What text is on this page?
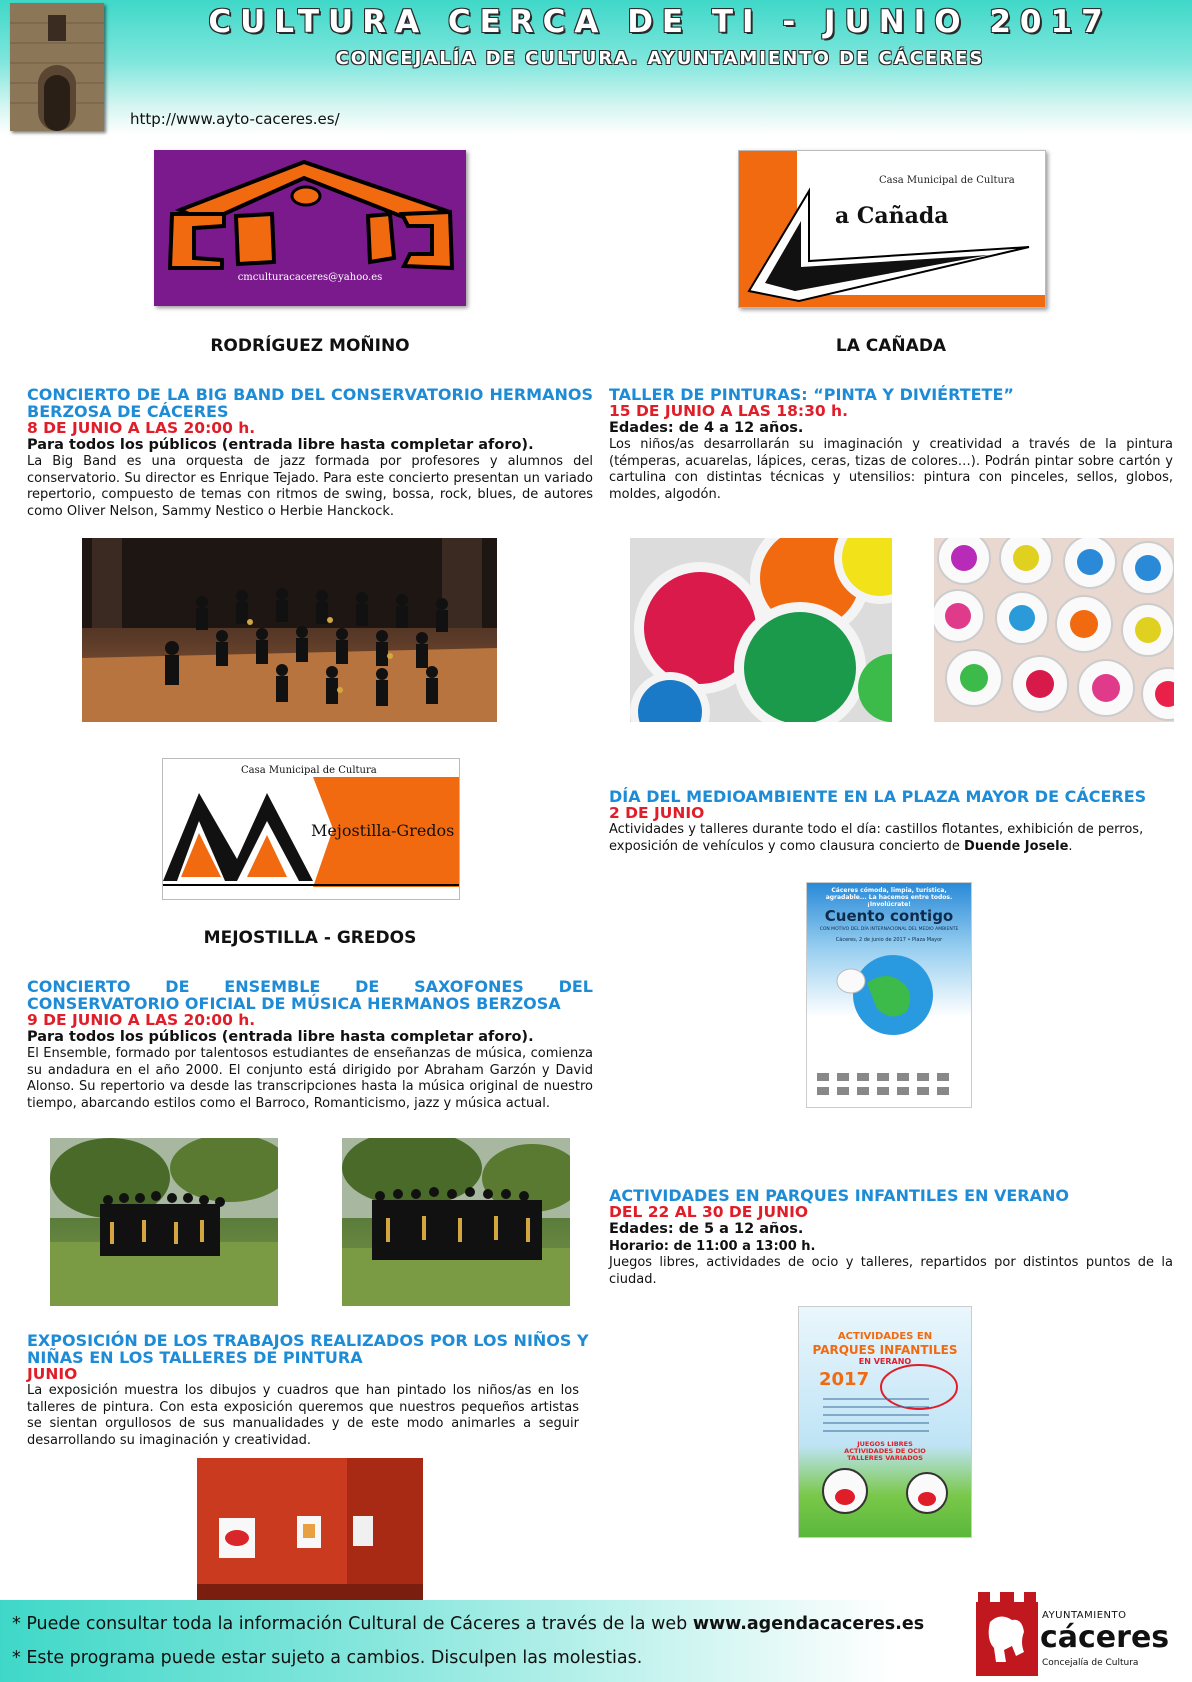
CULTURA CERCA DE TI - JUNIO 2017
CONCEJALÍA DE CULTURA. AYUNTAMIENTO DE CÁCERES
http://www.ayto-caceres.es/
cmculturacaceres@yahoo.es
Casa Municipal de Cultura
a Cañada
RODRÍGUEZ MOÑINO	LA CAÑADA
CONCIERTO DE LA BIG BAND DEL CONSERVATORIO HERMANOS BERZOSA DE CÁCERES
8 DE JUNIO A LAS 20:00 h.
Para todos los públicos (entrada libre hasta completar aforo).
La Big Band es una orquesta de jazz formada por profesores y alumnos del conservatorio. Su director es Enrique Tejado. Para este concierto presentan un variado repertorio, compuesto de temas con ritmos de swing, bossa, rock, blues, de autores como Oliver Nelson, Sammy Nestico o Herbie Hanckock.
TALLER DE PINTURAS: “PINTA Y DIVIÉRTETE”
15 DE JUNIO A LAS 18:30 h.
Edades: de 4 a 12 años.
Los niños/as desarrollarán su imaginación y creatividad a través de la pintura (témperas, acuarelas, lápices, ceras, tizas de colores…). Podrán pintar sobre cartón y cartulina con distintas técnicas y utensilios: pintura con pinceles, sellos, globos, moldes, algodón.
Casa Municipal de Cultura
Mejostilla-Gredos
MEJOSTILLA - GREDOS
DÍA DEL MEDIOAMBIENTE EN LA PLAZA MAYOR DE CÁCERES
2 DE JUNIO
Actividades y talleres durante todo el día: castillos flotantes, exhibición de perros, exposición de vehículos y como clausura concierto de Duende Josele.
Cáceres cómoda, limpia, turística, agradable... La hacemos entre todos. ¡Involúcrate!
Cuento contigo
CON MOTIVO DEL DÍA INTERNACIONAL DEL MEDIO AMBIENTE
Cáceres, 2 de junio de 2017 • Plaza Mayor
CONCIERTO DE ENSEMBLE DE SAXOFONES DEL CONSERVATORIO OFICIAL DE MÚSICA HERMANOS BERZOSA
9 DE JUNIO A LAS 20:00 h.
Para todos los públicos (entrada libre hasta completar aforo).
El Ensemble, formado por talentosos estudiantes de enseñanzas de música, comienza su andadura en el año 2000. El conjunto está dirigido por Abraham Garzón y David Alonso. Su repertorio va desde las transcripciones hasta la música original de nuestro tiempo, abarcando estilos como el Barroco, Romanticismo, jazz y música actual.
ACTIVIDADES EN PARQUES INFANTILES EN VERANO
DEL 22 AL 30 DE JUNIO
Edades: de 5 a 12 años.
Horario: de 11:00 a 13:00 h.
Juegos libres, actividades de ocio y talleres, repartidos por distintos puntos de la ciudad.
EXPOSICIÓN DE LOS TRABAJOS REALIZADOS POR LOS NIÑOS Y NIÑAS EN LOS TALLERES DE PINTURA
JUNIO
La exposición muestra los dibujos y cuadros que han pintado los niños/as en los talleres de pintura. Con esta exposición queremos que nuestros pequeños artistas se sientan orgullosos de sus manualidades y de este modo animarles a seguir desarrollando su imaginación y creatividad.
ACTIVIDADES EN
PARQUES INFANTILES
EN VERANO
2017
JUEGOS LIBRES ACTIVIDADES DE OCIO TALLERES VARIADOS
* Puede consultar toda la información Cultural de Cáceres a través de la web www.agendacaceres.es
* Este programa puede estar sujeto a cambios. Disculpen las molestias.
AYUNTAMIENTO
cáceres
Concejalía de Cultura
